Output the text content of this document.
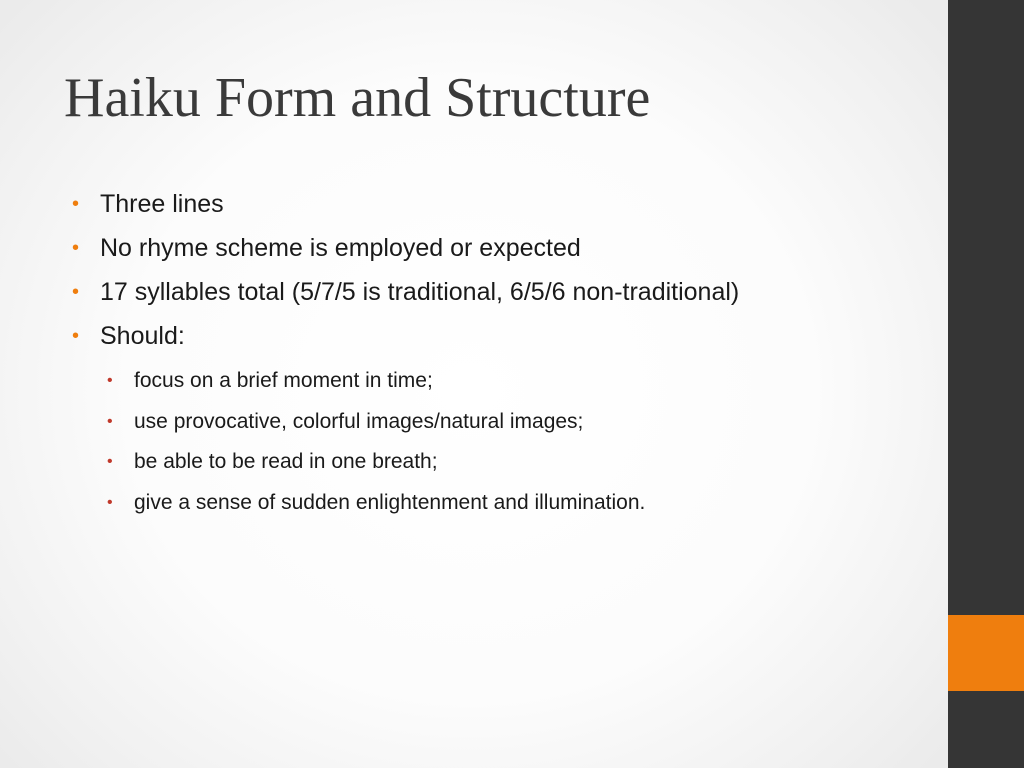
Haiku Form and Structure
• Three lines
• No rhyme scheme is employed or expected
• 17 syllables total (5/7/5 is traditional, 6/5/6 non-traditional)
• Should:
• focus on a brief moment in time;
• use provocative, colorful images/natural images;
• be able to be read in one breath;
• give a sense of sudden enlightenment and illumination.
